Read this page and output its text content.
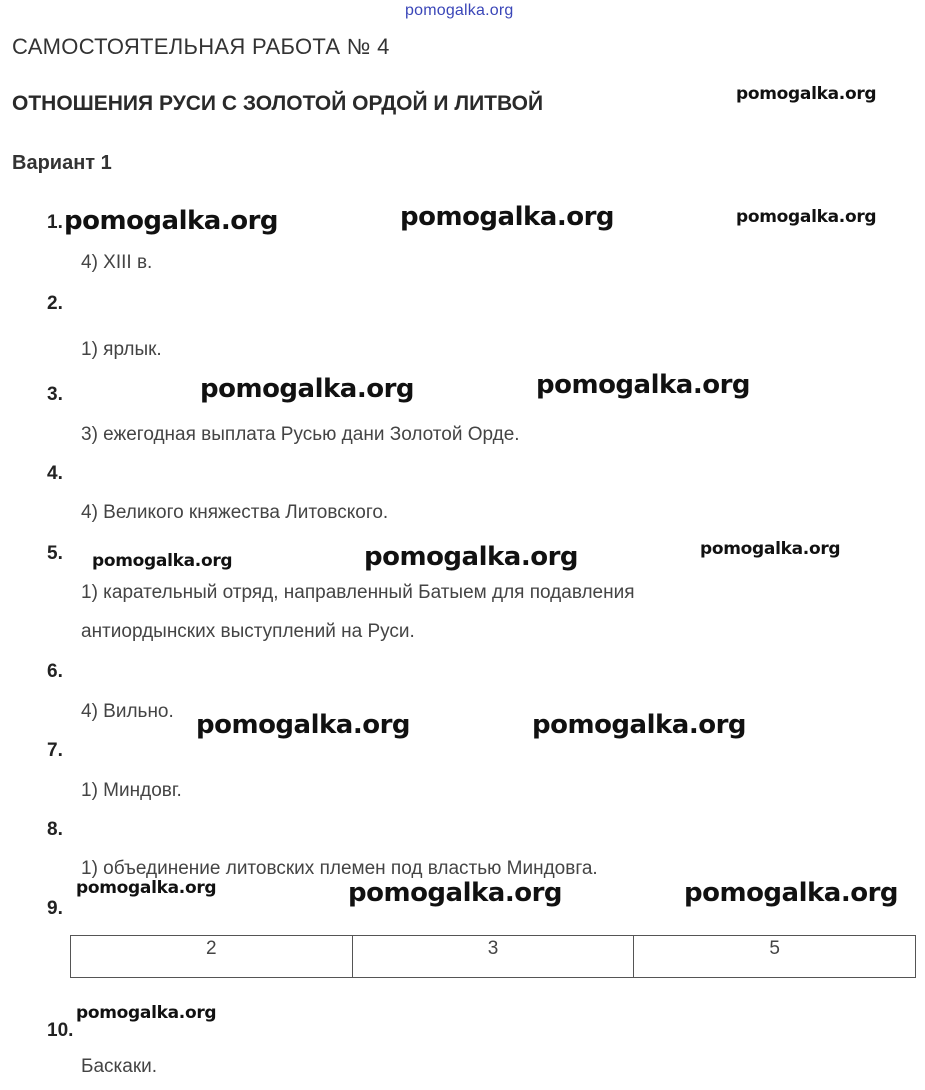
pomogalka.org
САМОСТОЯТЕЛЬНАЯ РАБОТА № 4
ОТНОШЕНИЯ РУСИ С ЗОЛОТОЙ ОРДОЙ И ЛИТВОЙ
Вариант 1
1.
4) XIII в.
2.
1) ярлык.
3.
3) ежегодная выплата Русью дани Золотой Орде.
4.
4) Великого княжества Литовского.
5.
1) карательный отряд, направленный Батыем для подавления
антиордынских выступлений на Руси.
6.
4) Вильно.
7.
1) Миндовг.
8.
1) объединение литовских племен под властью Миндовга.
9.
2	3	5
10.
Баскаки.
pomogalka.org
pomogalka.org	pomogalka.org	pomogalka.org
pomogalka.org	pomogalka.org
pomogalka.org	pomogalka.org	pomogalka.org
pomogalka.org	pomogalka.org
pomogalka.org	pomogalka.org	pomogalka.org
pomogalka.org
